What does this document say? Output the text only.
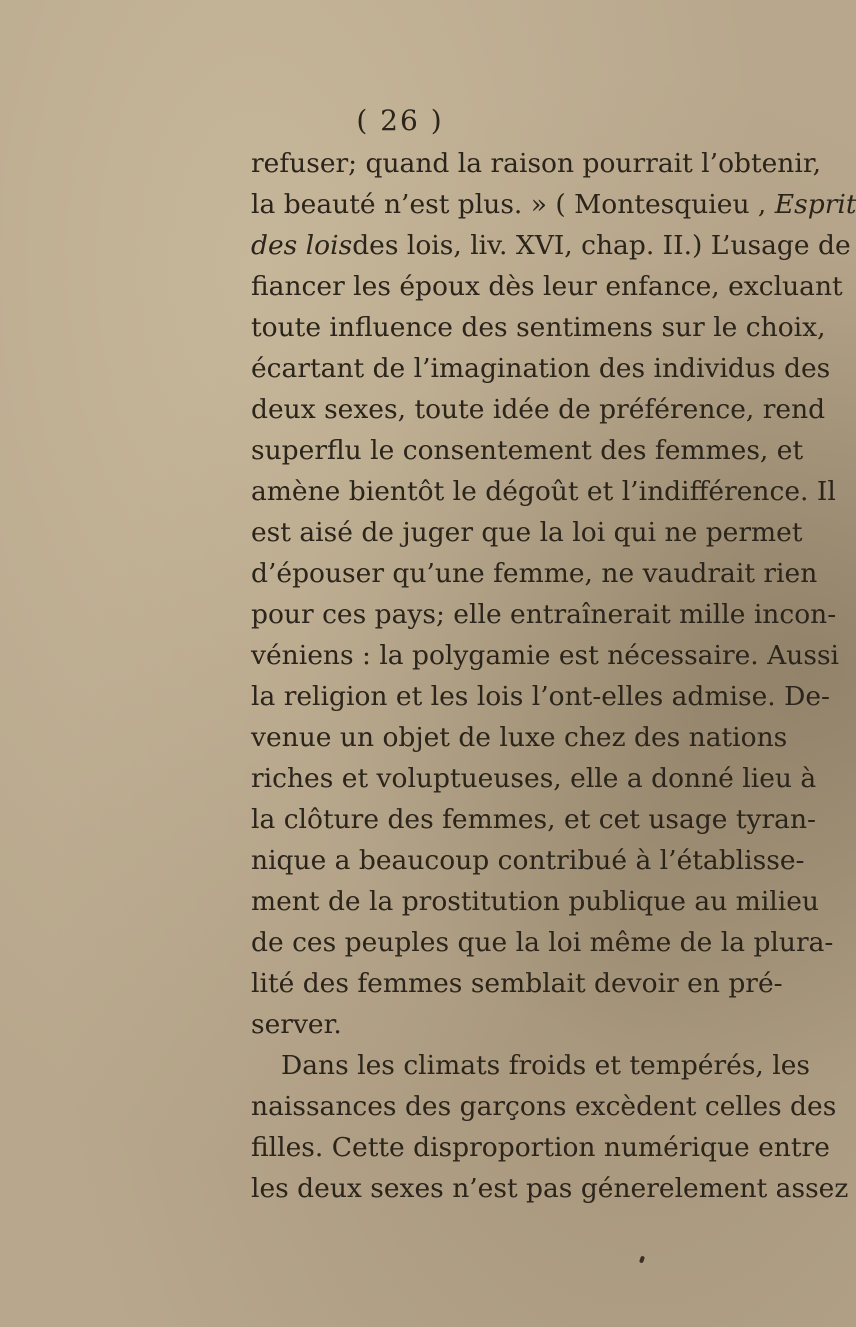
( 26 )
refuser; quand la raison pourrait l’obtenir,
la beauté n’est plus. » ( Montesquieu , Esprit
des loisdes lois, liv. XVI, chap. II.) L’usage de
fiancer les époux dès leur enfance, excluant
toute influence des sentimens sur le choix,
écartant de l’imagination des individus des
deux sexes, toute idée de préférence, rend
superflu le consentement des femmes, et
amène bientôt le dégoût et l’indifférence. Il
est aisé de juger que la loi qui ne permet
d’épouser qu’une femme, ne vaudrait rien
pour ces pays; elle entraînerait mille incon-
véniens : la polygamie est nécessaire. Aussi
la religion et les lois l’ont-elles admise. De-
venue un objet de luxe chez des nations
riches et voluptueuses, elle a donné lieu à
la clôture des femmes, et cet usage tyran-
nique a beaucoup contribué à l’établisse-
ment de la prostitution publique au milieu
de ces peuples que la loi même de la plura-
lité des femmes semblait devoir en pré-
server.
Dans les climats froids et tempérés, les
naissances des garçons excèdent celles des
filles. Cette disproportion numérique entre
les deux sexes n’est pas génerelement assez
